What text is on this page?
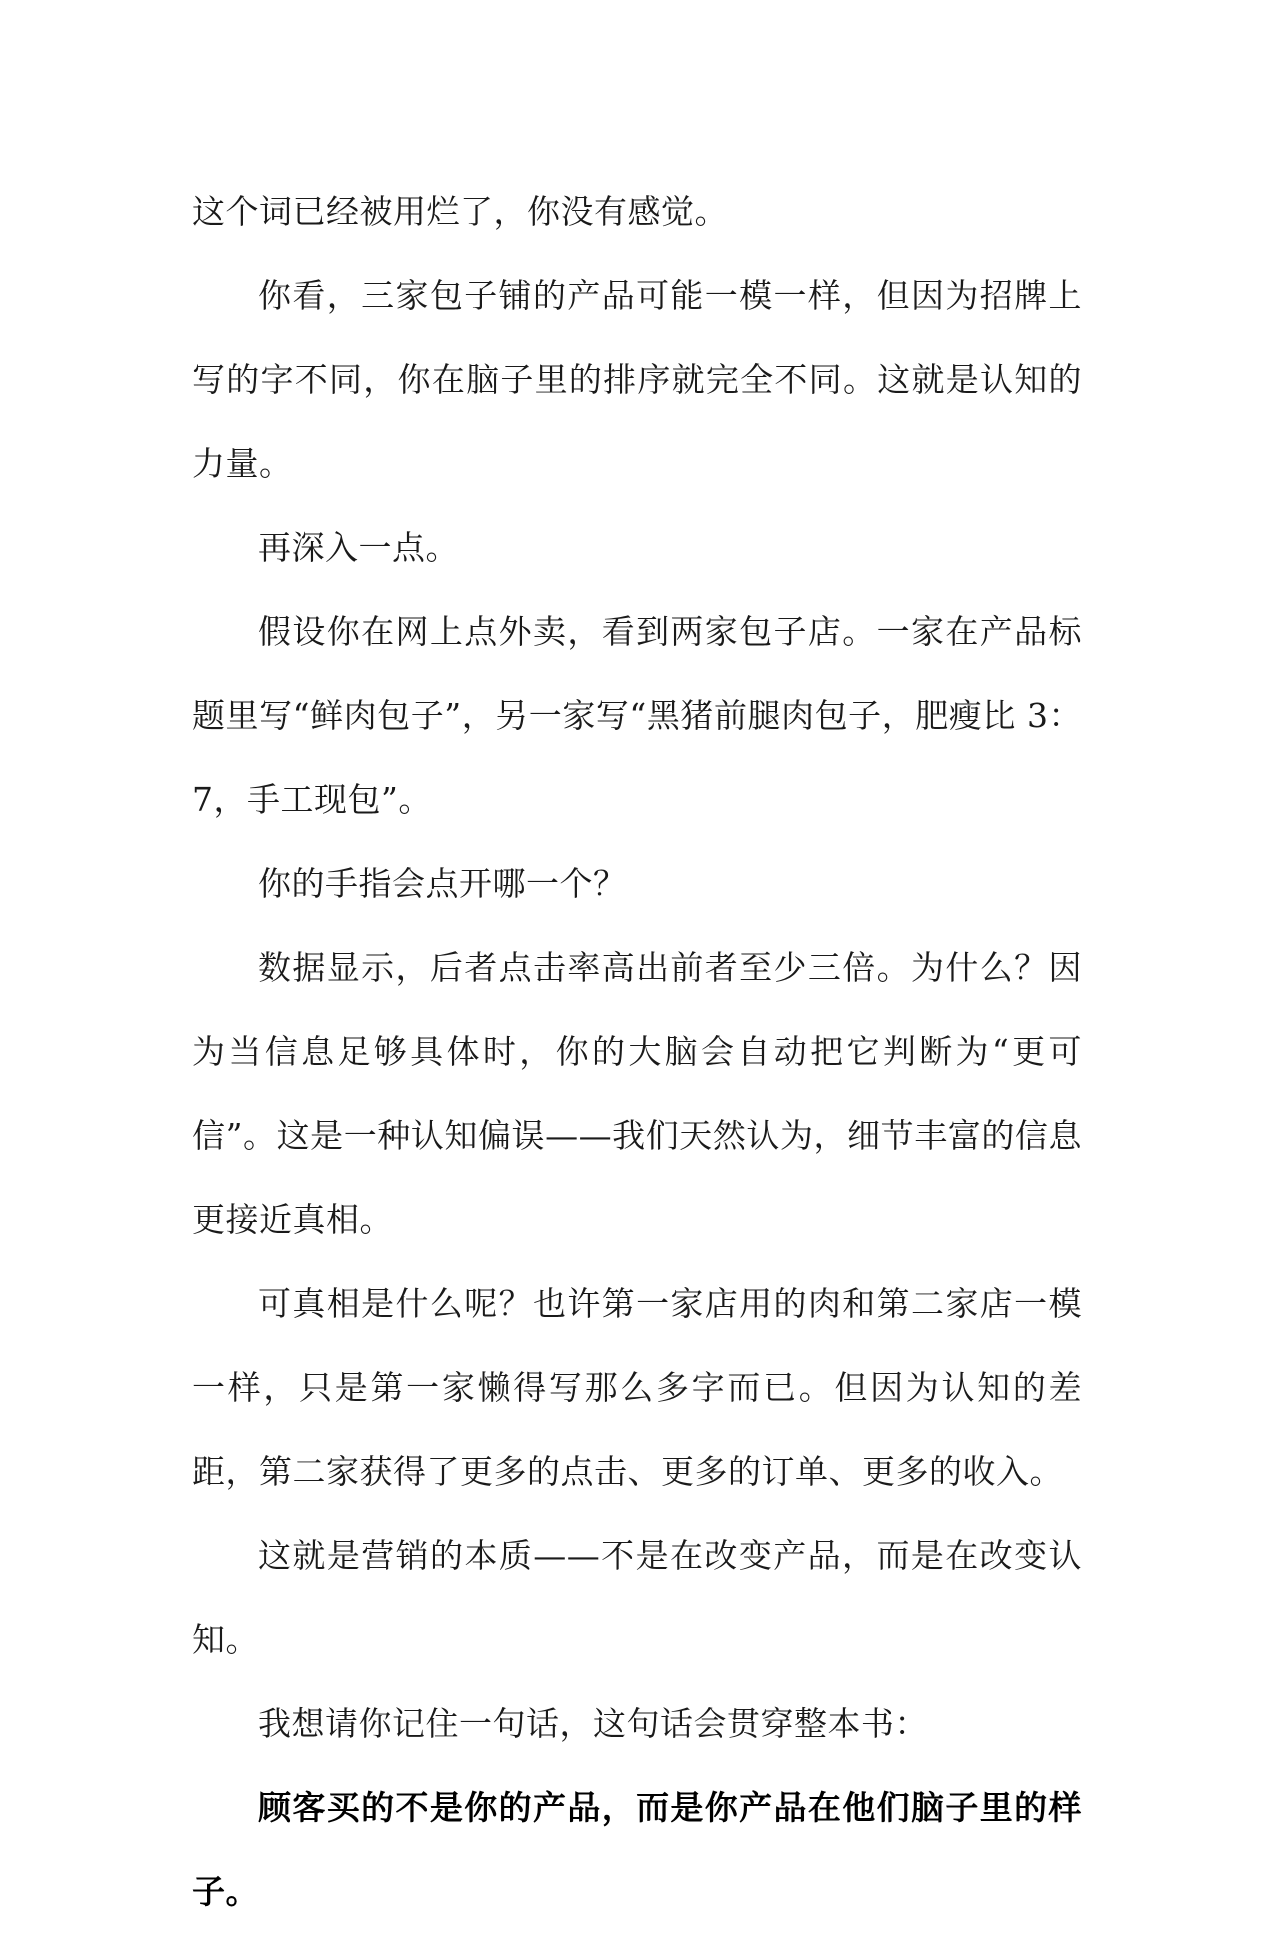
这个词已经被用烂了，你没有感觉。

你看，三家包子铺的产品可能一模一样，但因为招牌上写的字不同，你在脑子里的排序就完全不同。这就是认知的力量。

再深入一点。

假设你在网上点外卖，看到两家包子店。一家在产品标题里写“鲜肉包子”，另一家写“黑猪前腿肉包子，肥瘦比 3：7，手工现包”。

你的手指会点开哪一个？

数据显示，后者点击率高出前者至少三倍。为什么？因为当信息足够具体时，你的大脑会自动把它判断为“更可信”。这是一种认知偏误——我们天然认为，细节丰富的信息更接近真相。

可真相是什么呢？也许第一家店用的肉和第二家店一模一样，只是第一家懒得写那么多字而已。但因为认知的差距，第二家获得了更多的点击、更多的订单、更多的收入。

这就是营销的本质——不是在改变产品，而是在改变认知。

我想请你记住一句话，这句话会贯穿整本书：

顾客买的不是你的产品，而是你产品在他们脑子里的样子。
